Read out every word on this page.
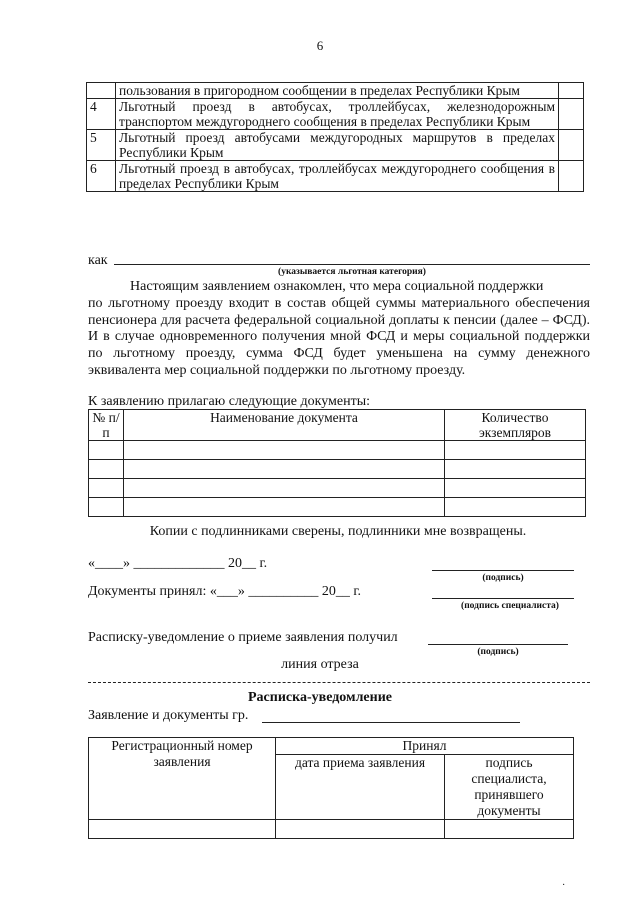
6
	пользования в пригородном сообщении в пределах Республики Крым	
4	Льготный проезд в автобусах, троллейбусах, железнодорожным транспортом междугороднего сообщения в пределах Республики Крым	
5	Льготный проезд автобусами междугородных маршрутов в пределах Республики Крым	
6	Льготный проезд в автобусах, троллейбусах междугороднего сообщения в пределах Республики Крым	
как
(указывается льготная категория)
Настоящим заявлением ознакомлен, что мера социальной поддержки
по льготному проезду входит в состав общей суммы материального обеспечения пенсионера для расчета федеральной социальной доплаты к пенсии (далее – ФСД). И в случае одновременного получения мной ФСД и меры социальной поддержки по льготному проезду, сумма ФСД будет уменьшена на сумму денежного эквивалента мер социальной поддержки по льготному проезду.
К заявлению прилагаю следующие документы:
№ п/п	Наименование документа	Количество экземпляров

Копии с подлинниками сверены, подлинники мне возвращены.
«____» _____________ 20__ г.
(подпись)
Документы принял: «___» __________ 20__ г.
(подпись специалиста)
Расписку-уведомление о приеме заявления получил
(подпись)
линия отреза
Расписка-уведомление
Заявление и документы гр.
Регистрационный номер заявления	Принял	
	дата приема заявления	подпись специалиста, принявшего документы

·
